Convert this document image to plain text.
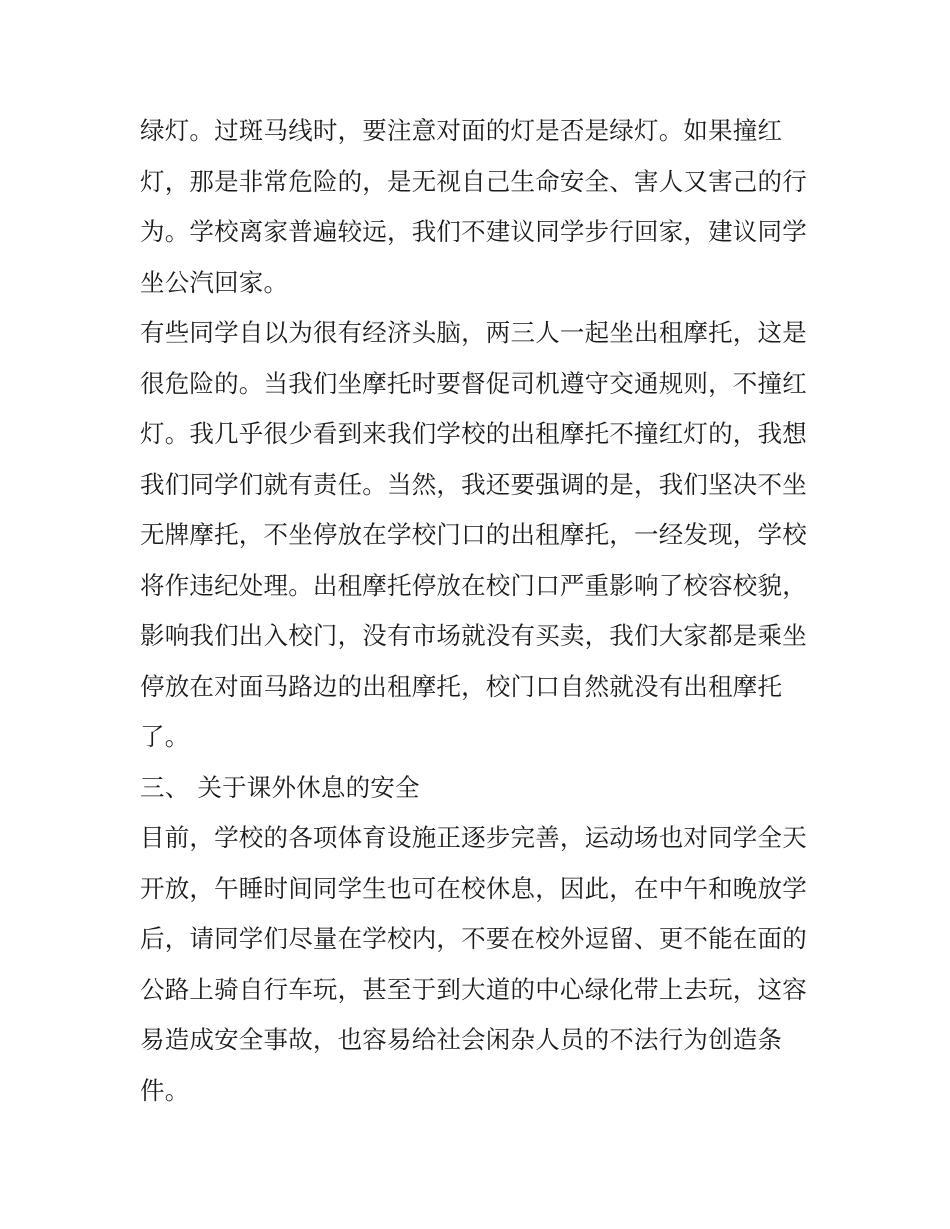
绿灯。过斑马线时，要注意对面的灯是否是绿灯。如果撞红

灯，那是非常危险的，是无视自己生命安全、害人又害己的行

为。学校离家普遍较远，我们不建议同学步行回家，建议同学

坐公汽回家。

有些同学自以为很有经济头脑，两三人一起坐出租摩托，这是

很危险的。当我们坐摩托时要督促司机遵守交通规则，不撞红

灯。我几乎很少看到来我们学校的出租摩托不撞红灯的，我想

我们同学们就有责任。当然，我还要强调的是，我们坚决不坐

无牌摩托，不坐停放在学校门口的出租摩托，一经发现，学校

将作违纪处理。出租摩托停放在校门口严重影响了校容校貌，

影响我们出入校门，没有市场就没有买卖，我们大家都是乘坐

停放在对面马路边的出租摩托，校门口自然就没有出租摩托

了。

三、 关于课外休息的安全

目前，学校的各项体育设施正逐步完善，运动场也对同学全天

开放，午睡时间同学生也可在校休息，因此，在中午和晚放学

后，请同学们尽量在学校内，不要在校外逗留、更不能在面的

公路上骑自行车玩，甚至于到大道的中心绿化带上去玩，这容

易造成安全事故，也容易给社会闲杂人员的不法行为创造条

件。
